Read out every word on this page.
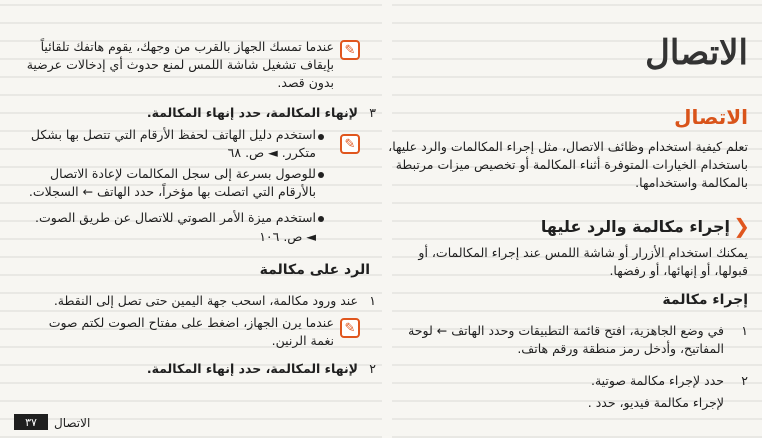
✎
عندما تمسك الجهاز بالقرب من وجهك، يقوم هاتفك تلقائياً
بإيقاف تشغيل شاشة اللمس لمنع حدوث أي إدخالات عرضية
بدون قصد.
٣
لإنهاء المكالمة، حدد إنهاء المكالمة.
✎
استخدم دليل الهاتف لحفظ الأرقام التي تتصل بها بشكل
متكرر. ◄ ص. ٦٨
للوصول بسرعة إلى سجل المكالمات لإعادة الاتصال
بالأرقام التي اتصلت بها مؤخراً، حدد الهاتف ← السجلات.
استخدم ميزة الأمر الصوتي للاتصال عن طريق الصوت.
◄ ص. ١٠٦
الرد على مكالمة
١
عند ورود مكالمة، اسحب جهة اليمين حتى تصل إلى النقطة.
✎
عندما يرن الجهاز، اضغط على مفتاح الصوت لكتم صوت
نغمة الرنين.
٢
لإنهاء المكالمة، حدد إنهاء المكالمة.
٣٧	الاتصال
الاتصال
الاتصال
تعلم كيفية استخدام وظائف الاتصال، مثل إجراء المكالمات والرد عليها،
باستخدام الخيارات المتوفرة أثناء المكالمة أو تخصيص ميزات مرتبطة
بالمكالمة واستخدامها.
❮
إجراء مكالمة والرد عليها
يمكنك استخدام الأزرار أو شاشة اللمس عند إجراء المكالمات، أو
قبولها، أو إنهائها، أو رفضها.
إجراء مكالمة
١
في وضع الجاهزية، افتح قائمة التطبيقات وحدد الهاتف ← لوحة
المفاتيح، وأدخل رمز منطقة ورقم هاتف.
٢
حدد لإجراء مكالمة صوتية.
لإجراء مكالمة فيديو، حدد .
